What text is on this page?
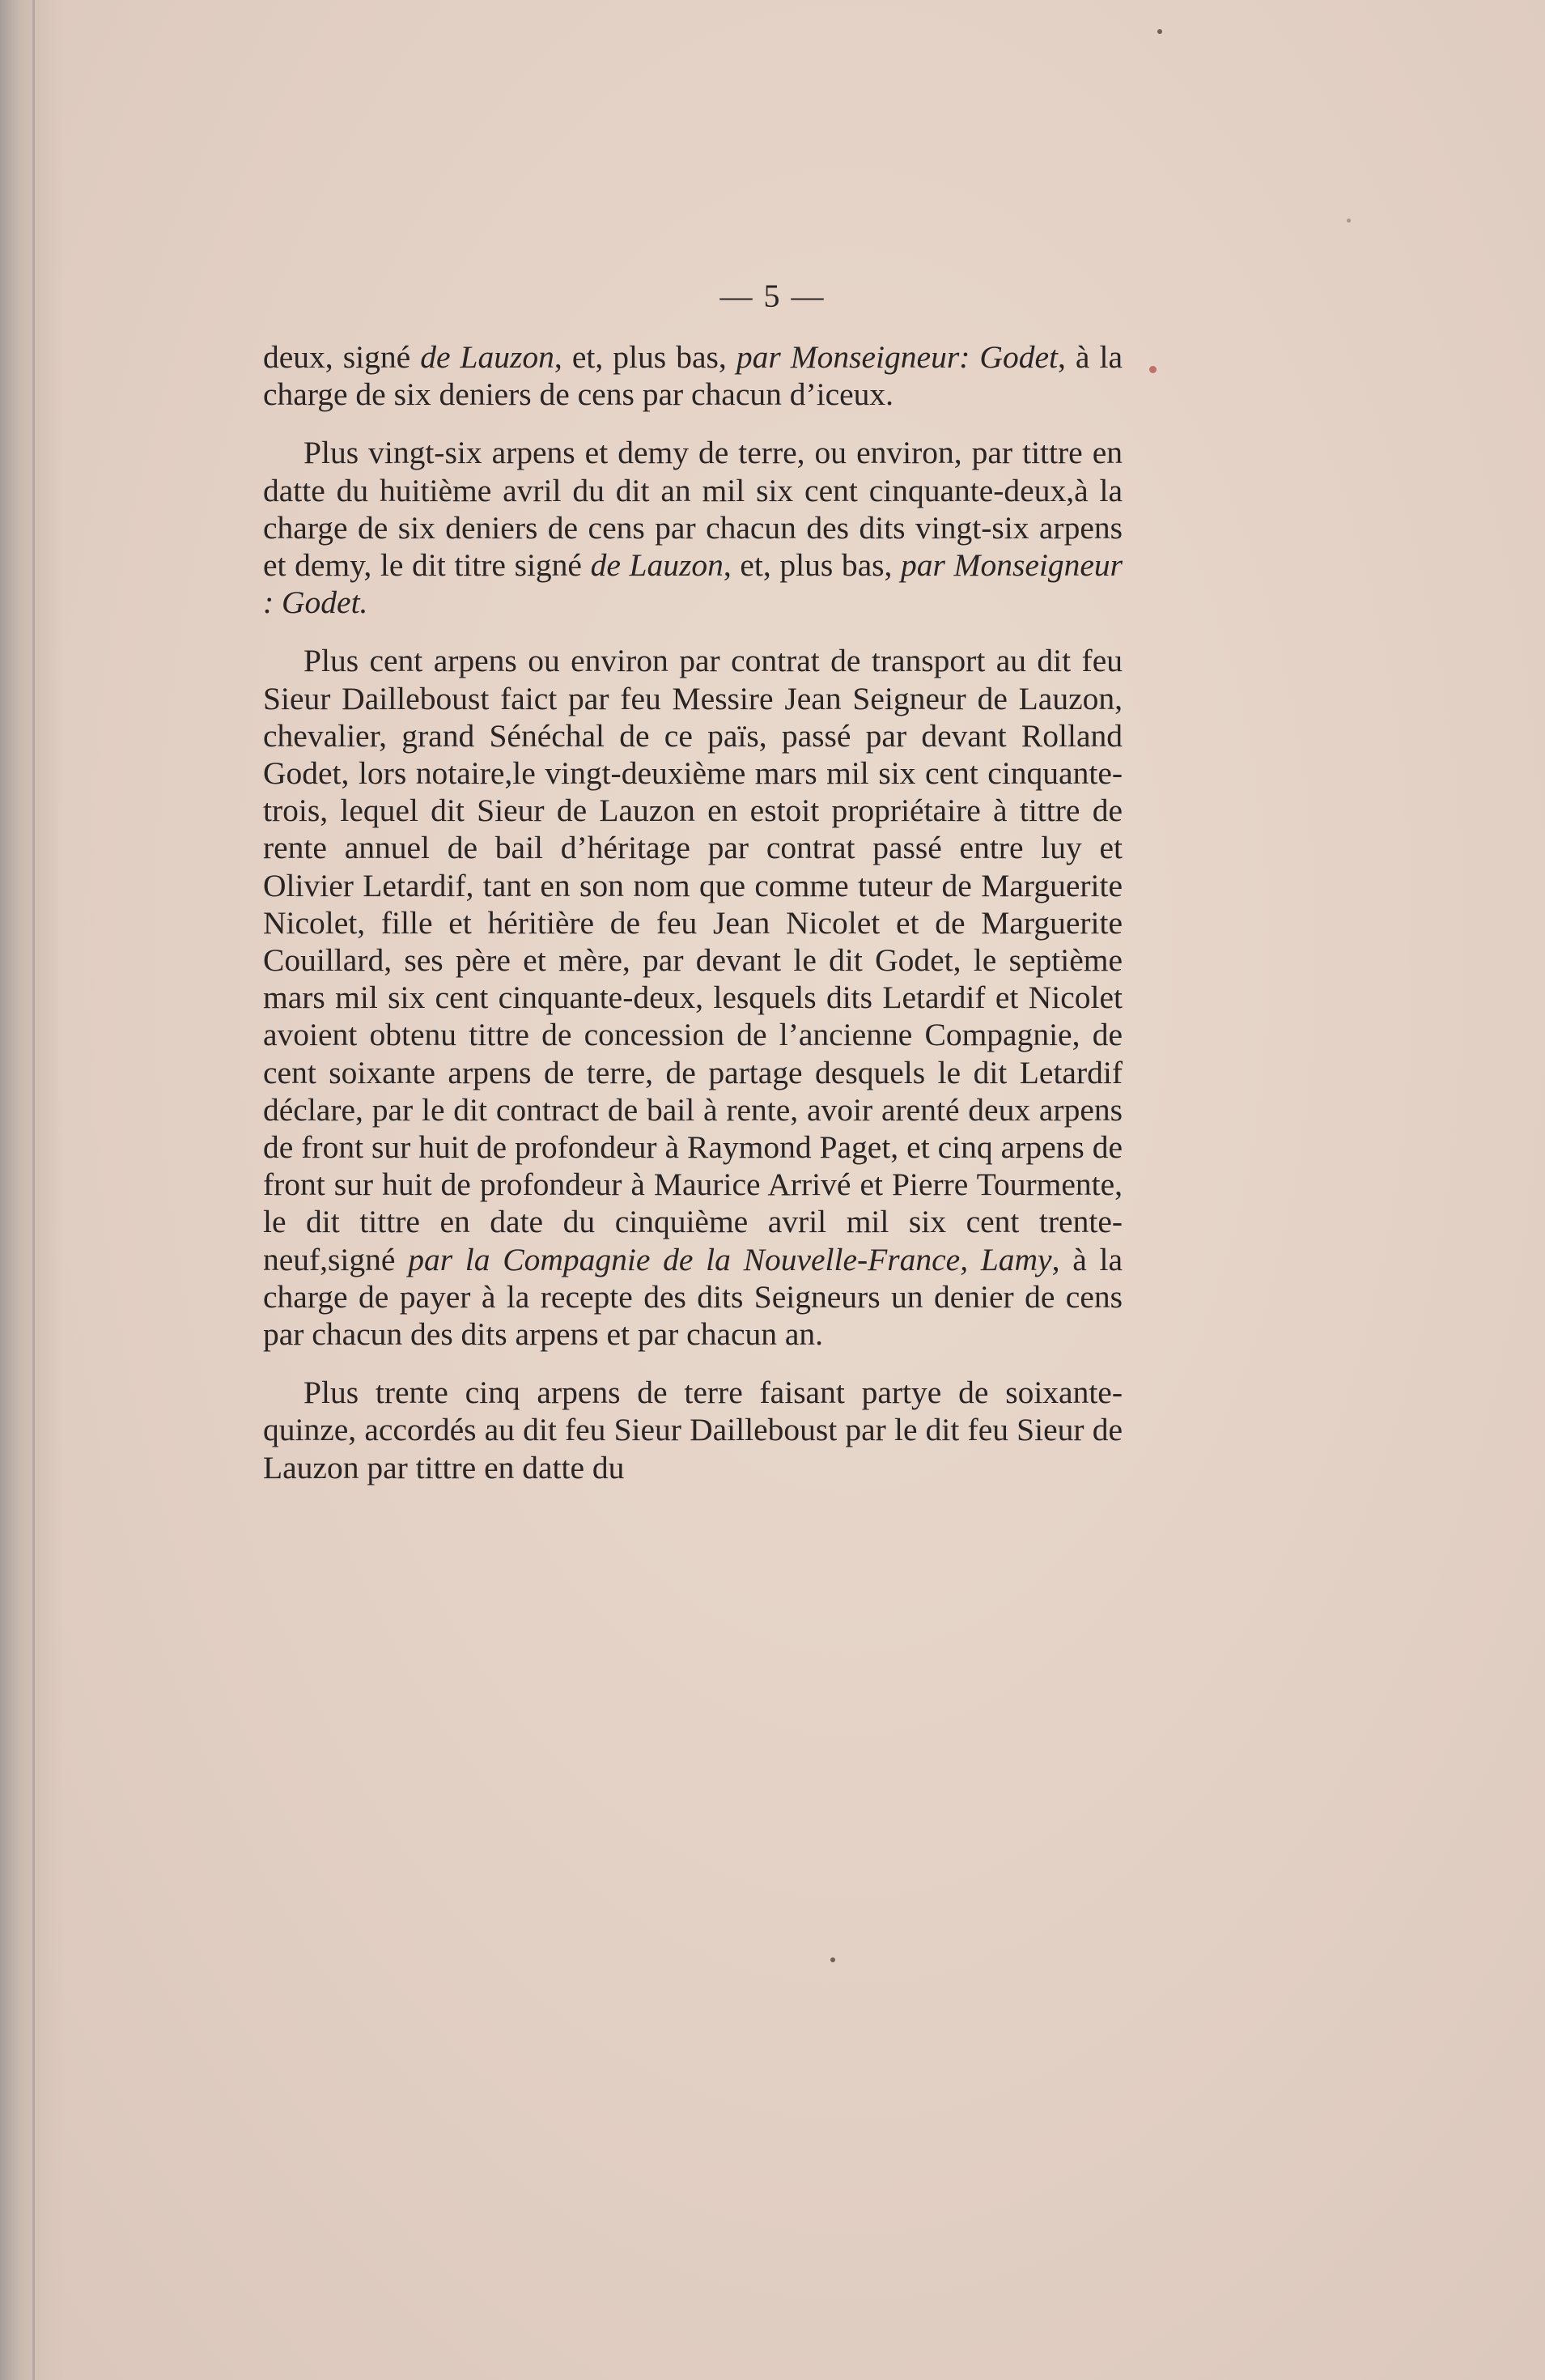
— 5 —

deux, signé de Lauzon, et, plus bas, par Monseigneur: Godet, à la charge de six deniers de cens par chacun d’iceux.

Plus vingt-six arpens et demy de terre, ou environ, par tittre en datte du huitième avril du dit an mil six cent cinquante-deux,à la charge de six deniers de cens par chacun des dits vingt-six arpens et demy, le dit titre signé de Lauzon, et, plus bas, par Monseigneur : Godet.

Plus cent arpens ou environ par contrat de transport au dit feu Sieur Dailleboust faict par feu Messire Jean Seigneur de Lauzon, chevalier, grand Sénéchal de ce païs, passé par devant Rolland Godet, lors notaire,le vingt-deuxième mars mil six cent cinquante-trois, lequel dit Sieur de Lauzon en estoit propriétaire à tittre de rente annuel de bail d’héritage par contrat passé entre luy et Olivier Letardif, tant en son nom que comme tuteur de Marguerite Nicolet, fille et héritière de feu Jean Nicolet et de Marguerite Couillard, ses père et mère, par devant le dit Godet, le septième mars mil six cent cinquante-deux, lesquels dits Letardif et Nicolet avoient obtenu tittre de concession de l’ancienne Compagnie, de cent soixante arpens de terre, de partage desquels le dit Letardif déclare, par le dit contract de bail à rente, avoir arenté deux arpens de front sur huit de profondeur à Raymond Paget, et cinq arpens de front sur huit de profondeur à Maurice Arrivé et Pierre Tourmente, le dit tittre en date du cinquième avril mil six cent trente-neuf,signé par la Compagnie de la Nouvelle-France, Lamy, à la charge de payer à la recepte des dits Seigneurs un denier de cens par chacun des dits arpens et par chacun an.

Plus trente cinq arpens de terre faisant partye de soixante-quinze, accordés au dit feu Sieur Dailleboust par le dit feu Sieur de Lauzon par tittre en datte du
